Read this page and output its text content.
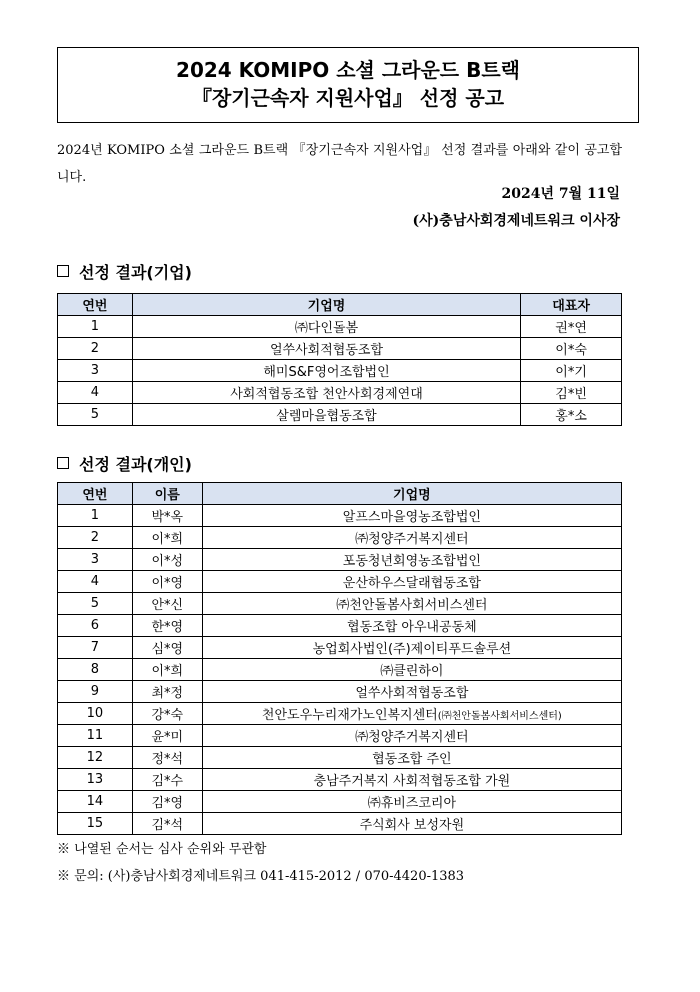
2024 KOMIPO 소셜 그라운드 B트랙
『장기근속자 지원사업』 선정 공고
2024년 KOMIPO 소셜 그라운드 B트랙 『장기근속자 지원사업』 선정 결과를 아래와 같이 공고합니다.
2024년 7월 11일
(사)충남사회경제네트워크 이사장
선정 결과(기업)
연번	기업명	대표자
1	㈜다인돌봄	권*연
2	얼쑤사회적협동조합	이*숙
3	해미S&F영어조합법인	이*기
4	사회적협동조합 천안사회경제연대	김*빈
5	살렘마을협동조합	홍*소
선정 결과(개인)
연번	이름	기업명
1	박*옥	알프스마을영농조합법인
2	이*희	㈜청양주거복지센터
3	이*성	포동청년회영농조합법인
4	이*영	운산하우스달래협동조합
5	안*신	㈜천안돌봄사회서비스센터
6	한*영	협동조합 아우내공동체
7	심*영	농업회사법인(주)제이티푸드솔루션
8	이*희	㈜클린하이
9	최*정	얼쑤사회적협동조합
10	강*숙	천안도우누리재가노인복지센터(㈜천안돌봄사회서비스센터)
11	윤*미	㈜청양주거복지센터
12	정*석	협동조합 주인
13	김*수	충남주거복지 사회적협동조합 가원
14	김*영	㈜휴비즈코리아
15	김*석	주식회사 보성자원
※ 나열된 순서는 심사 순위와 무관함
※ 문의: (사)충남사회경제네트워크 041-415-2012 / 070-4420-1383
